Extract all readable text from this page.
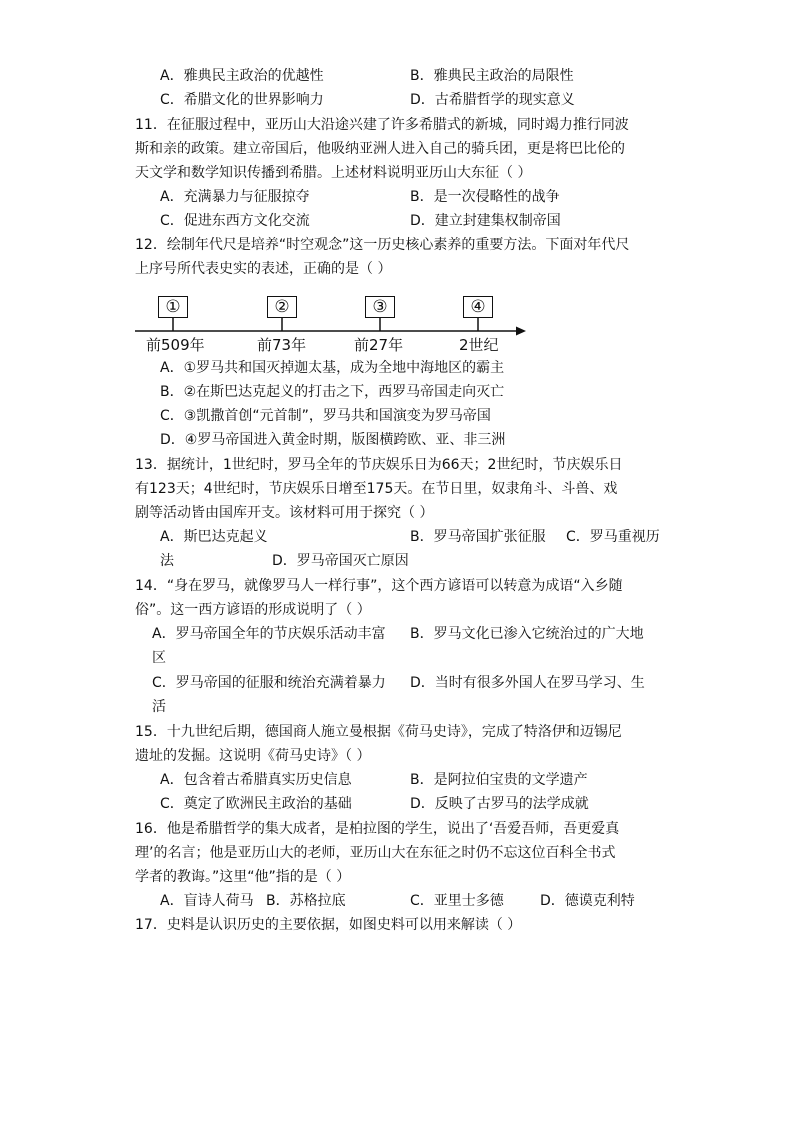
A．雅典民主政治的优越性	B．雅典民主政治的局限性
C．希腊文化的世界影响力	D．古希腊哲学的现实意义
11．在征服过程中，亚历山大沿途兴建了许多希腊式的新城，同时竭力推行同波
斯和亲的政策。建立帝国后，他吸纳亚洲人进入自己的骑兵团，更是将巴比伦的
天文学和数学知识传播到希腊。上述材料说明亚历山大东征（ ）
A．充满暴力与征服掠夺	B．是一次侵略性的战争
C．促进东西方文化交流	D．建立封建集权制帝国
12．绘制年代尺是培养“时空观念”这一历史核心素养的重要方法。下面对年代尺
上序号所代表史实的表述，正确的是（ ）
①	②	③	④
前509年	前73年	前27年	2世纪
A．①罗马共和国灭掉迦太基，成为全地中海地区的霸主
B．②在斯巴达克起义的打击之下，西罗马帝国走向灭亡
C．③凯撒首创“元首制”，罗马共和国演变为罗马帝国
D．④罗马帝国进入黄金时期，版图横跨欧、亚、非三洲
13．据统计，1世纪时，罗马全年的节庆娱乐日为66天；2世纪时，节庆娱乐日
有123天；4世纪时，节庆娱乐日增至175天。在节日里，奴隶角斗、斗兽、戏
剧等活动皆由国库开支。该材料可用于探究（ ）
A．斯巴达克起义	B．罗马帝国扩张征服 C．罗马重视历
法	D．罗马帝国灭亡原因
14．“身在罗马，就像罗马人一样行事”，这个西方谚语可以转意为成语“入乡随
俗”。这一西方谚语的形成说明了（ ）
A．罗马帝国全年的节庆娱乐活动丰富 B．罗马文化已渗入它统治过的广大地
区
C．罗马帝国的征服和统治充满着暴力 D．当时有很多外国人在罗马学习、生
活
15．十九世纪后期，德国商人施立曼根据《荷马史诗》，完成了特洛伊和迈锡尼
遗址的发掘。这说明《荷马史诗》（ ）
A．包含着古希腊真实历史信息	B．是阿拉伯宝贵的文学遗产
C．奠定了欧洲民主政治的基础	D．反映了古罗马的法学成就
16．他是希腊哲学的集大成者，是柏拉图的学生，说出了‘吾爱吾师，吾更爱真
理’的名言；他是亚历山大的老师，亚历山大在东征之时仍不忘这位百科全书式
学者的教诲。”这里“他”指的是（ ）
A．盲诗人荷马 B．苏格拉底	C．亚里士多德	D．德谟克利特
17．史料是认识历史的主要依据，如图史料可以用来解读（ ）
